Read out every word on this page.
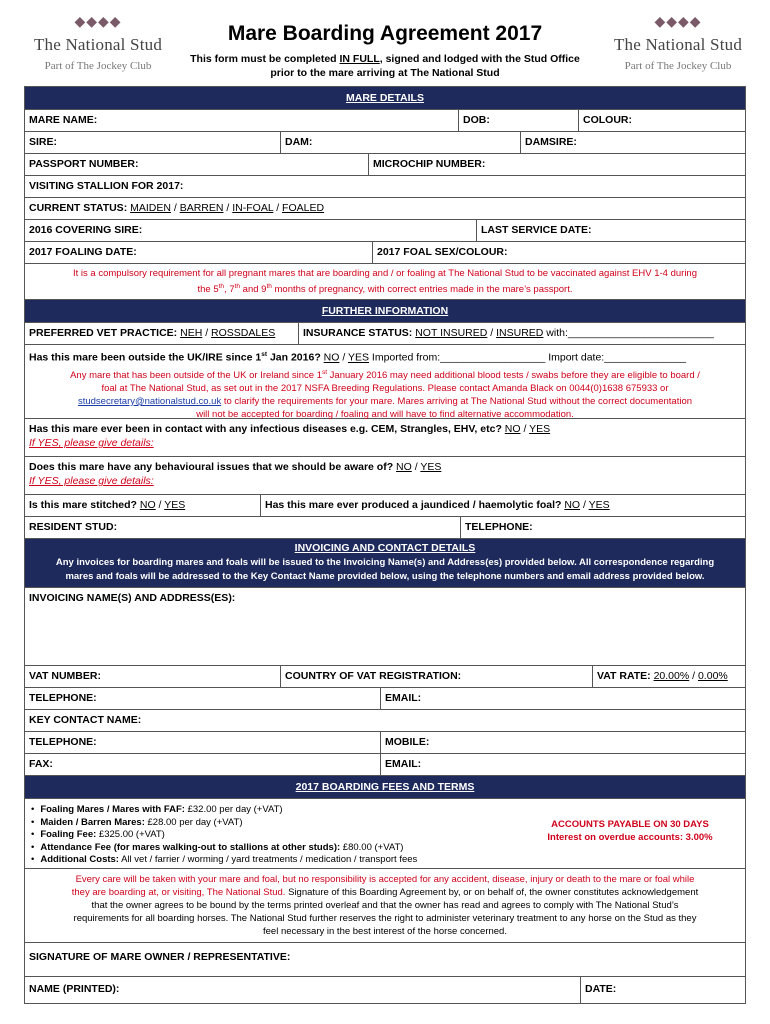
◆◆◆◆
The National Stud
Part of The Jockey Club
Mare Boarding Agreement 2017
This form must be completed IN FULL, signed and lodged with the Stud Office
prior to the mare arriving at The National Stud
◆◆◆◆
The National Stud
Part of The Jockey Club
MARE DETAILS
MARE NAME:	DOB:	COLOUR:
SIRE:	DAM:	DAMSIRE:
PASSPORT NUMBER:	MICROCHIP NUMBER:
VISITING STALLION FOR 2017:
CURRENT STATUS: MAIDEN / BARREN / IN-FOAL / FOALED
2016 COVERING SIRE:	LAST SERVICE DATE:
2017 FOALING DATE:	2017 FOAL SEX/COLOUR:
It is a compulsory requirement for all pregnant mares that are boarding and / or foaling at The National Stud to be vaccinated against EHV 1-4 during
the 5th, 7th and 9th months of pregnancy, with correct entries made in the mare’s passport.
FURTHER INFORMATION
PREFERRED VET PRACTICE: NEH / ROSSDALES	INSURANCE STATUS: NOT INSURED / INSURED with:_________________________
Has this mare been outside the UK/IRE since 1st Jan 2016? NO / YES Imported from:__________________ Import date:______________
Any mare that has been outside of the UK or Ireland since 1st January 2016 may need additional blood tests / swabs before they are eligible to board /
foal at The National Stud, as set out in the 2017 NSFA Breeding Regulations. Please contact Amanda Black on 0044(0)1638 675933 or
studsecretary@nationalstud.co.uk to clarify the requirements for your mare. Mares arriving at The National Stud without the correct documentation
will not be accepted for boarding / foaling and will have to find alternative accommodation.
Has this mare ever been in contact with any infectious diseases e.g. CEM, Strangles, EHV, etc? NO / YES
If YES, please give details:
Does this mare have any behavioural issues that we should be aware of? NO / YES
If YES, please give details:
Is this mare stitched? NO / YES	Has this mare ever produced a jaundiced / haemolytic foal? NO / YES
RESIDENT STUD:	TELEPHONE:
INVOICING AND CONTACT DETAILS
Any invoices for boarding mares and foals will be issued to the Invoicing Name(s) and Address(es) provided below. All correspondence regarding
mares and foals will be addressed to the Key Contact Name provided below, using the telephone numbers and email address provided below.
INVOICING NAME(S) AND ADDRESS(ES):
VAT NUMBER:	COUNTRY OF VAT REGISTRATION:	VAT RATE: 20.00% / 0.00%
TELEPHONE:	EMAIL:
KEY CONTACT NAME:
TELEPHONE:	MOBILE:
FAX:	EMAIL:
2017 BOARDING FEES AND TERMS
• Foaling Mares / Mares with FAF: £32.00 per day (+VAT)
• Maiden / Barren Mares: £28.00 per day (+VAT)
• Foaling Fee: £325.00 (+VAT)
• Attendance Fee (for mares walking-out to stallions at other studs): £80.00 (+VAT)
• Additional Costs: All vet / farrier / worming / yard treatments / medication / transport fees
ACCOUNTS PAYABLE ON 30 DAYS
Interest on overdue accounts: 3.00%
Every care will be taken with your mare and foal, but no responsibility is accepted for any accident, disease, injury or death to the mare or foal while
they are boarding at, or visiting, The National Stud. Signature of this Boarding Agreement by, or on behalf of, the owner constitutes acknowledgement
that the owner agrees to be bound by the terms printed overleaf and that the owner has read and agrees to comply with The National Stud’s
requirements for all boarding horses. The National Stud further reserves the right to administer veterinary treatment to any horse on the Stud as they
feel necessary in the best interest of the horse concerned.
SIGNATURE OF MARE OWNER / REPRESENTATIVE:
NAME (PRINTED):	DATE:
